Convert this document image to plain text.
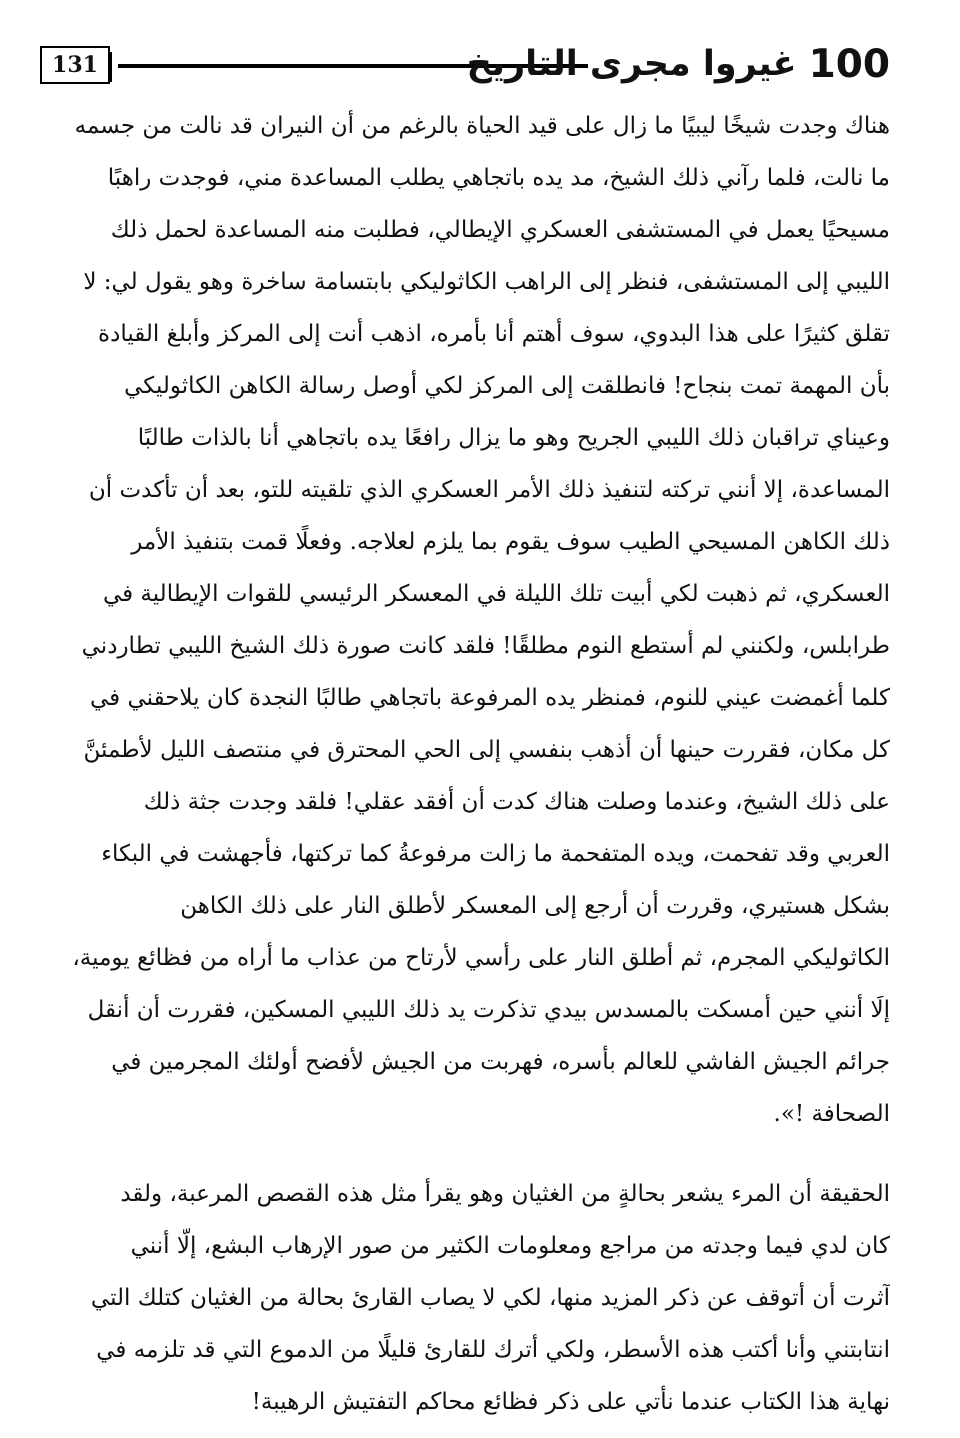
131	100
غيروا مجرى التاريخ
هناك وجدت شيخًا ليبيًا ما زال على قيد الحياة بالرغم من أن النيران قد نالت من جسمه
ما نالت، فلما رآني ذلك الشيخ، مد يده باتجاهي يطلب المساعدة مني، فوجدت راهبًا
مسيحيًا يعمل في المستشفى العسكري الإيطالي، فطلبت منه المساعدة لحمل ذلك
الليبي إلى المستشفى، فنظر إلى الراهب الكاثوليكي بابتسامة ساخرة وهو يقول لي: لا
تقلق كثيرًا على هذا البدوي، سوف أهتم أنا بأمره، اذهب أنت إلى المركز وأبلغ القيادة
بأن المهمة تمت بنجاح! فانطلقت إلى المركز لكي أوصل رسالة الكاهن الكاثوليكي
وعيناي تراقبان ذلك الليبي الجريح وهو ما يزال رافعًا يده باتجاهي أنا بالذات طالبًا
المساعدة، إلا أنني تركته لتنفيذ ذلك الأمر العسكري الذي تلقيته للتو، بعد أن تأكدت أن
ذلك الكاهن المسيحي الطيب سوف يقوم بما يلزم لعلاجه. وفعلًا قمت بتنفيذ الأمر
العسكري، ثم ذهبت لكي أبيت تلك الليلة في المعسكر الرئيسي للقوات الإيطالية في
طرابلس، ولكنني لم أستطع النوم مطلقًا! فلقد كانت صورة ذلك الشيخ الليبي تطاردني
كلما أغمضت عيني للنوم، فمنظر يده المرفوعة باتجاهي طالبًا النجدة كان يلاحقني في
كل مكان، فقررت حينها أن أذهب بنفسي إلى الحي المحترق في منتصف الليل لأطمئنَّ
على ذلك الشيخ، وعندما وصلت هناك كدت أن أفقد عقلي! فلقد وجدت جثة ذلك
العربي وقد تفحمت، ويده المتفحمة ما زالت مرفوعةُ كما تركتها، فأجهشت في البكاء
بشكل هستيري، وقررت أن أرجع إلى المعسكر لأطلق النار على ذلك الكاهن
الكاثوليكي المجرم، ثم أطلق النار على رأسي لأرتاح من عذاب ما أراه من فظائع يومية،
إلَا أنني حين أمسكت بالمسدس بيدي تذكرت يد ذلك الليبي المسكين، فقررت أن أنقل
جرائم الجيش الفاشي للعالم بأسره، فهربت من الجيش لأفضح أولئك المجرمين في
الصحافة !».
الحقيقة أن المرء يشعر بحالةٍ من الغثيان وهو يقرأ مثل هذه القصص المرعبة، ولقد
كان لدي فيما وجدته من مراجع ومعلومات الكثير من صور الإرهاب البشع، إلّا أنني
آثرت أن أتوقف عن ذكر المزيد منها، لكي لا يصاب القارئ بحالة من الغثيان كتلك التي
انتابتني وأنا أكتب هذه الأسطر، ولكي أترك للقارئ قليلًا من الدموع التي قد تلزمه في
نهاية هذا الكتاب عندما نأتي على ذكر فظائع محاكم التفتيش الرهيبة!
